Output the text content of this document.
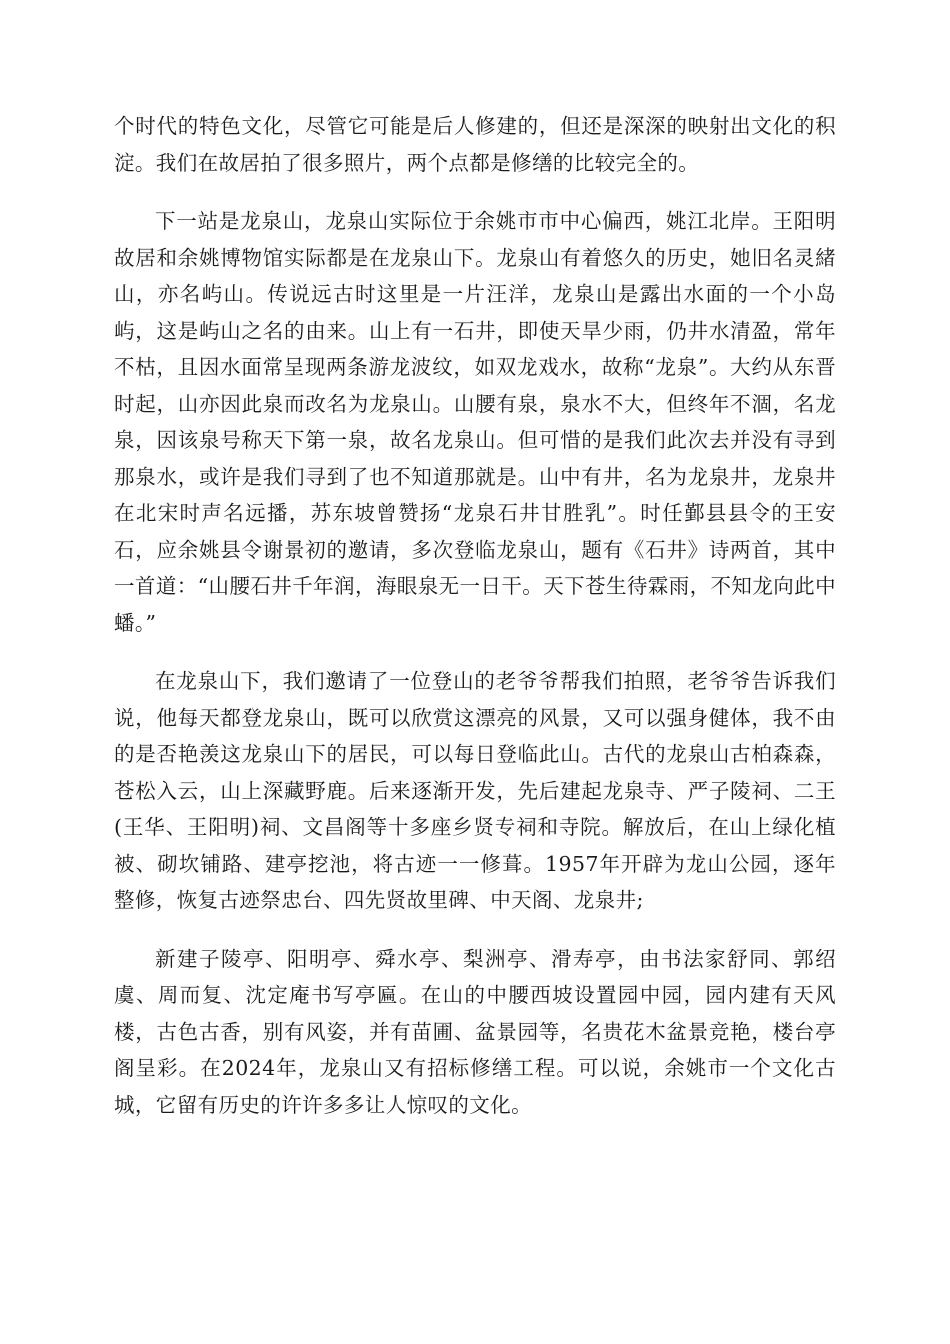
个时代的特色文化，尽管它可能是后人修建的，但还是深深的映射出文化的积淀。我们在故居拍了很多照片，两个点都是修缮的比较完全的。

下一站是龙泉山，龙泉山实际位于余姚市市中心偏西，姚江北岸。王阳明故居和余姚博物馆实际都是在龙泉山下。龙泉山有着悠久的历史，她旧名灵緒山，亦名屿山。传说远古时这里是一片汪洋，龙泉山是露出水面的一个小岛屿，这是屿山之名的由来。山上有一石井，即使天旱少雨，仍井水清盈，常年不枯，且因水面常呈现两条游龙波纹，如双龙戏水，故称“龙泉”。大约从东晋时起，山亦因此泉而改名为龙泉山。山腰有泉，泉水不大，但终年不涸，名龙泉，因该泉号称天下第一泉，故名龙泉山。但可惜的是我们此次去并没有寻到那泉水，或许是我们寻到了也不知道那就是。山中有井，名为龙泉井，龙泉井在北宋时声名远播，苏东坡曾赞扬“龙泉石井甘胜乳”。时任鄞县县令的王安石，应余姚县令谢景初的邀请，多次登临龙泉山，题有《石井》诗两首，其中一首道：“山腰石井千年润，海眼泉无一日干。天下苍生待霖雨，不知龙向此中蟠。”

在龙泉山下，我们邀请了一位登山的老爷爷帮我们拍照，老爷爷告诉我们说，他每天都登龙泉山，既可以欣赏这漂亮的风景，又可以强身健体，我不由的是否艳羡这龙泉山下的居民，可以每日登临此山。古代的龙泉山古柏森森，苍松入云，山上深藏野鹿。后来逐渐开发，先后建起龙泉寺、严子陵祠、二王(王华、王阳明)祠、文昌阁等十多座乡贤专祠和寺院。解放后，在山上绿化植被、砌坎铺路、建亭挖池，将古迹一一修葺。1957年开辟为龙山公园，逐年整修，恢复古迹祭忠台、四先贤故里碑、中天阁、龙泉井;

新建子陵亭、阳明亭、舜水亭、梨洲亭、滑寿亭，由书法家舒同、郭绍虞、周而复、沈定庵书写亭匾。在山的中腰西坡设置园中园，园内建有天风楼，古色古香，别有风姿，并有苗圃、盆景园等，名贵花木盆景竞艳，楼台亭阁呈彩。在2024年，龙泉山又有招标修缮工程。可以说，余姚市一个文化古城，它留有历史的许许多多让人惊叹的文化。
